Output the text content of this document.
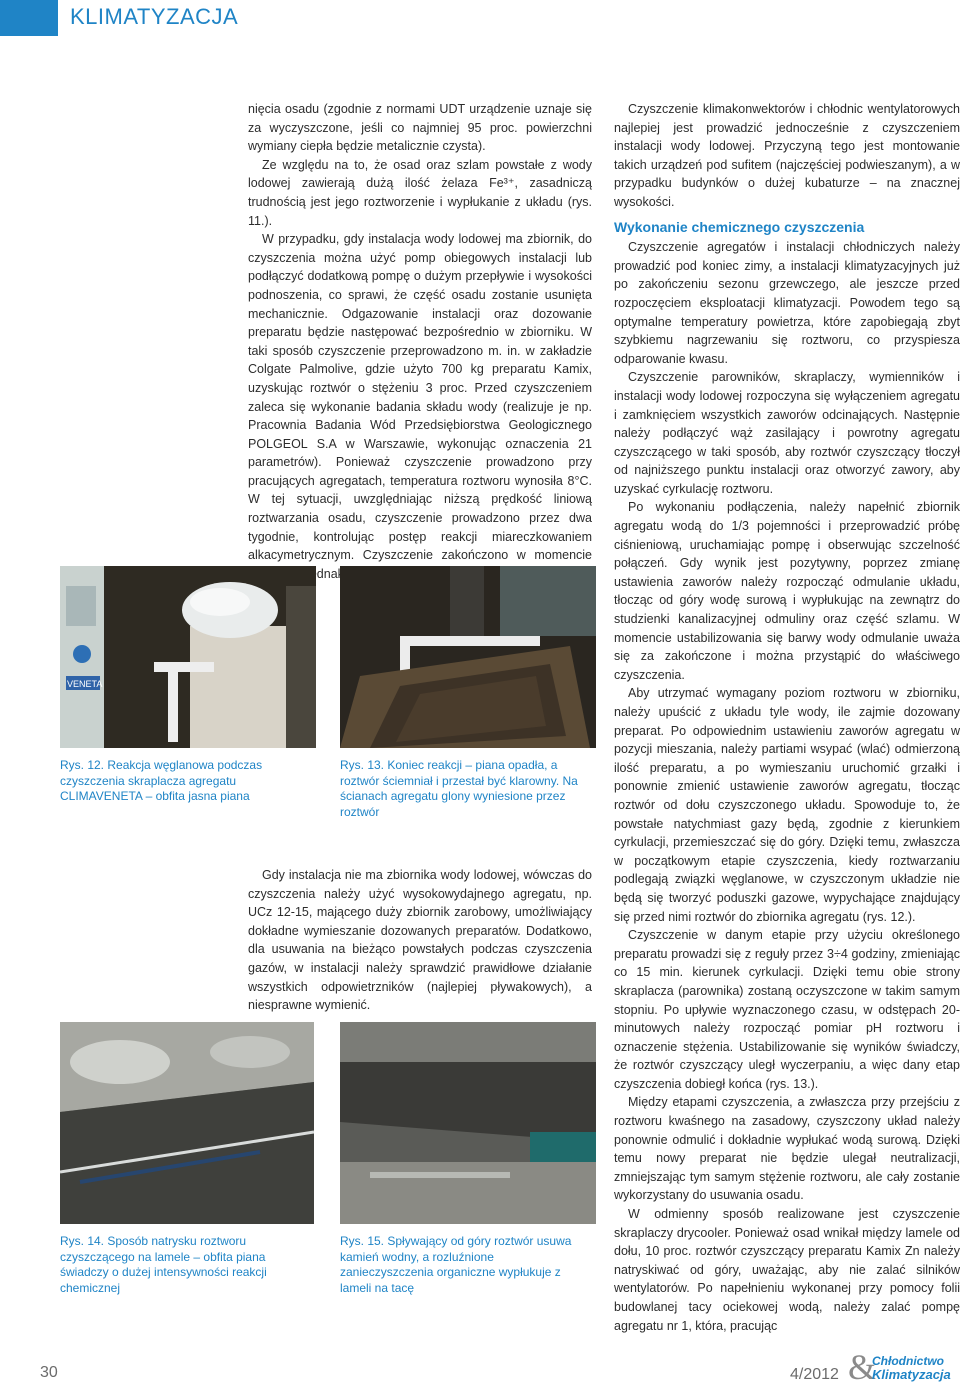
KLIMATYZACJA

nięcia osadu (zgodnie z normami UDT urządzenie uznaje się za wyczyszczone, jeśli co najmniej 95 proc. powierzchni wymiany ciepła będzie metalicznie czysta).

Ze względu na to, że osad oraz szlam powstałe z wody lodowej zawierają dużą ilość żelaza Fe³⁺, zasadniczą trudnością jest jego roztworzenie i wypłukanie z układu (rys. 11.).

W przypadku, gdy instalacja wody lodowej ma zbiornik, do czyszczenia można użyć pomp obiegowych instalacji lub podłączyć dodatkową pompę o dużym przepływie i wysokości podnoszenia, co sprawi, że część osadu zostanie usunięta mechanicznie. Odgazowanie instalacji oraz dozowanie preparatu będzie następować bezpośrednio w zbiorniku. W taki sposób czyszczenie przeprowadzono m. in. w zakładzie Colgate Palmolive, gdzie użyto 700 kg preparatu Kamix, uzyskując roztwór o stężeniu 3 proc. Przed czyszczeniem zaleca się wykonanie badania składu wody (realizuje je np. Pracownia Badania Wód Przedsiębiorstwa Geologicznego POLGEOL S.A w Warszawie, wykonując oznaczenia 21 parametrów). Ponieważ czyszczenie prowadzono przy pracujących agregatach, temperatura roztworu wynosiła 8°C. W tej sytuacji, uwzględniając niższą prędkość liniową roztwarzania osadu, czyszczenie prowadzono przez dwa tygodnie, kontrolując postęp reakcji miareczkowaniem alkacymetrycznym. Czyszczenie zakończono w momencie

VENETA
Rys. 12. Reakcja węglanowa podczas czyszczenia skraplacza agregatu CLIMAVENETA – obfita jasna piana
Rys. 13. Koniec reakcji – piana opadła, a roztwór ściemniał i przestał być klarowny. Na ścianach agregatu glony wyniesione przez roztwór

Gdy instalacja nie ma zbiornika wody lodowej, wówczas do czyszczenia należy użyć wysokowydajnego agregatu, np. UCz 12-15, mającego duży zbiornik zarobowy, umożliwiający dokładne wymieszanie dozowanych preparatów. Dodatkowo, dla usuwania na bieżąco powstałych podczas czyszczenia gazów, w instalacji należy sprawdzić prawidłowe działanie wszystkich odpowietrzników (najlepiej pływakowych), a niesprawne wymienić.

Rys. 14. Sposób natrysku roztworu czyszczącego na lamele – obfita piana świadczy o dużej intensywności reakcji chemicznej
Rys. 15. Spływający od góry roztwór usuwa kamień wodny, a rozluźnione zanieczyszczenia organiczne wypłukuje z lameli na tacę

Czyszczenie klimakonwektorów i chłodnic wentylatorowych najlepiej jest prowadzić jednocześnie z czyszczeniem instalacji wody lodowej. Przyczyną tego jest montowanie takich urządzeń pod sufitem (najczęściej podwieszanym), a w przypadku budynków o dużej kubaturze – na znacznej wysokości.

Wykonanie chemicznego czyszczenia

Czyszczenie agregatów i instalacji chłodniczych należy prowadzić pod koniec zimy, a instalacji klimatyzacyjnych już po zakończeniu sezonu grzewczego, ale jeszcze przed rozpoczęciem eksploatacji klimatyzacji. Powodem tego są optymalne temperatury powietrza, które zapobiegają zbyt szybkiemu nagrzewaniu się roztworu, co przyspiesza odparowanie kwasu.

Czyszczenie parowników, skraplaczy, wymienników i instalacji wody lodowej rozpoczyna się wyłączeniem agregatu i zamknięciem wszystkich zaworów odcinających. Następnie należy podłączyć wąż zasilający i powrotny agregatu czyszczącego w taki sposób, aby roztwór czyszczący tłoczył od najniższego punktu instalacji oraz otworzyć zawory, aby uzyskać cyrkulację roztworu.

Po wykonaniu podłączenia, należy napełnić zbiornik agregatu wodą do 1/3 pojemności i przeprowadzić próbę ciśnieniową, uruchamiając pompę i obserwując szczelność połączeń. Gdy wynik jest pozytywny, poprzez zmianę ustawienia zaworów należy rozpocząć odmulanie układu, tłocząc od góry wodę surową i wypłukując na zewnątrz do studzienki kanalizacyjnej odmuliny oraz część szlamu. W momencie ustabilizowania się barwy wody odmulanie uważa się za zakończone i można przystąpić do właściwego czyszczenia.

Aby utrzymać wymagany poziom roztworu w zbiorniku, należy upuścić z układu tyle wody, ile zajmie dozowany preparat. Po odpowiednim ustawieniu zaworów agregatu w pozycji mieszania, należy partiami wsypać (wlać) odmierzoną ilość preparatu, a po wymieszaniu uruchomić grzałki i ponownie zmienić ustawienie zaworów agregatu, tłocząc roztwór od dołu czyszczonego układu. Spowoduje to, że powstałe natychmiast gazy będą, zgodnie z kierunkiem cyrkulacji, przemieszczać się do góry. Dzięki temu, zwłaszcza w początkowym etapie czyszczenia, kiedy roztwarzaniu podlegają związki węglanowe, w czyszczonym układzie nie będą się tworzyć poduszki gazowe, wypychające znajdujący się przed nimi roztwór do zbiornika agregatu (rys. 12.).

Czyszczenie w danym etapie przy użyciu określonego preparatu prowadzi się z reguły przez 3÷4 godziny, zmieniając co 15 min. kierunek cyrkulacji. Dzięki temu obie strony skraplacza (parownika) zostaną oczyszczone w takim samym stopniu. Po upływie wyznaczonego czasu, w odstępach 20-minutowych należy rozpocząć pomiar pH roztworu i oznaczenie stężenia. Ustabilizowanie się wyników świadczy, że roztwór czyszczący uległ wyczerpaniu, a więc dany etap czyszczenia dobiegł końca (rys. 13.).

Między etapami czyszczenia, a zwłaszcza przy przejściu z roztworu kwaśnego na zasadowy, czyszczony układ należy ponownie odmulić i dokładnie wypłukać wodą surową. Dzięki temu nowy preparat nie będzie ulegał neutralizacji, zmniejszając tym samym stężenie roztworu, ale cały zostanie wykorzystany do usuwania osadu.

W odmienny sposób realizowane jest czyszczenie skraplaczy drycooler. Ponieważ osad wnikał między lamele od dołu, 10 proc. roztwór czyszczący preparatu Kamix Zn należy natryskiwać od góry, uważając, aby nie zalać silników wentylatorów. Po napełnieniu wykonanej przy pomocy folii budowlanej tacy ociekowej wodą, należy zalać pompę agregatu nr 1, która, pracując

30	4/2012 &
Chłodnictwo
Klimatyzacja
